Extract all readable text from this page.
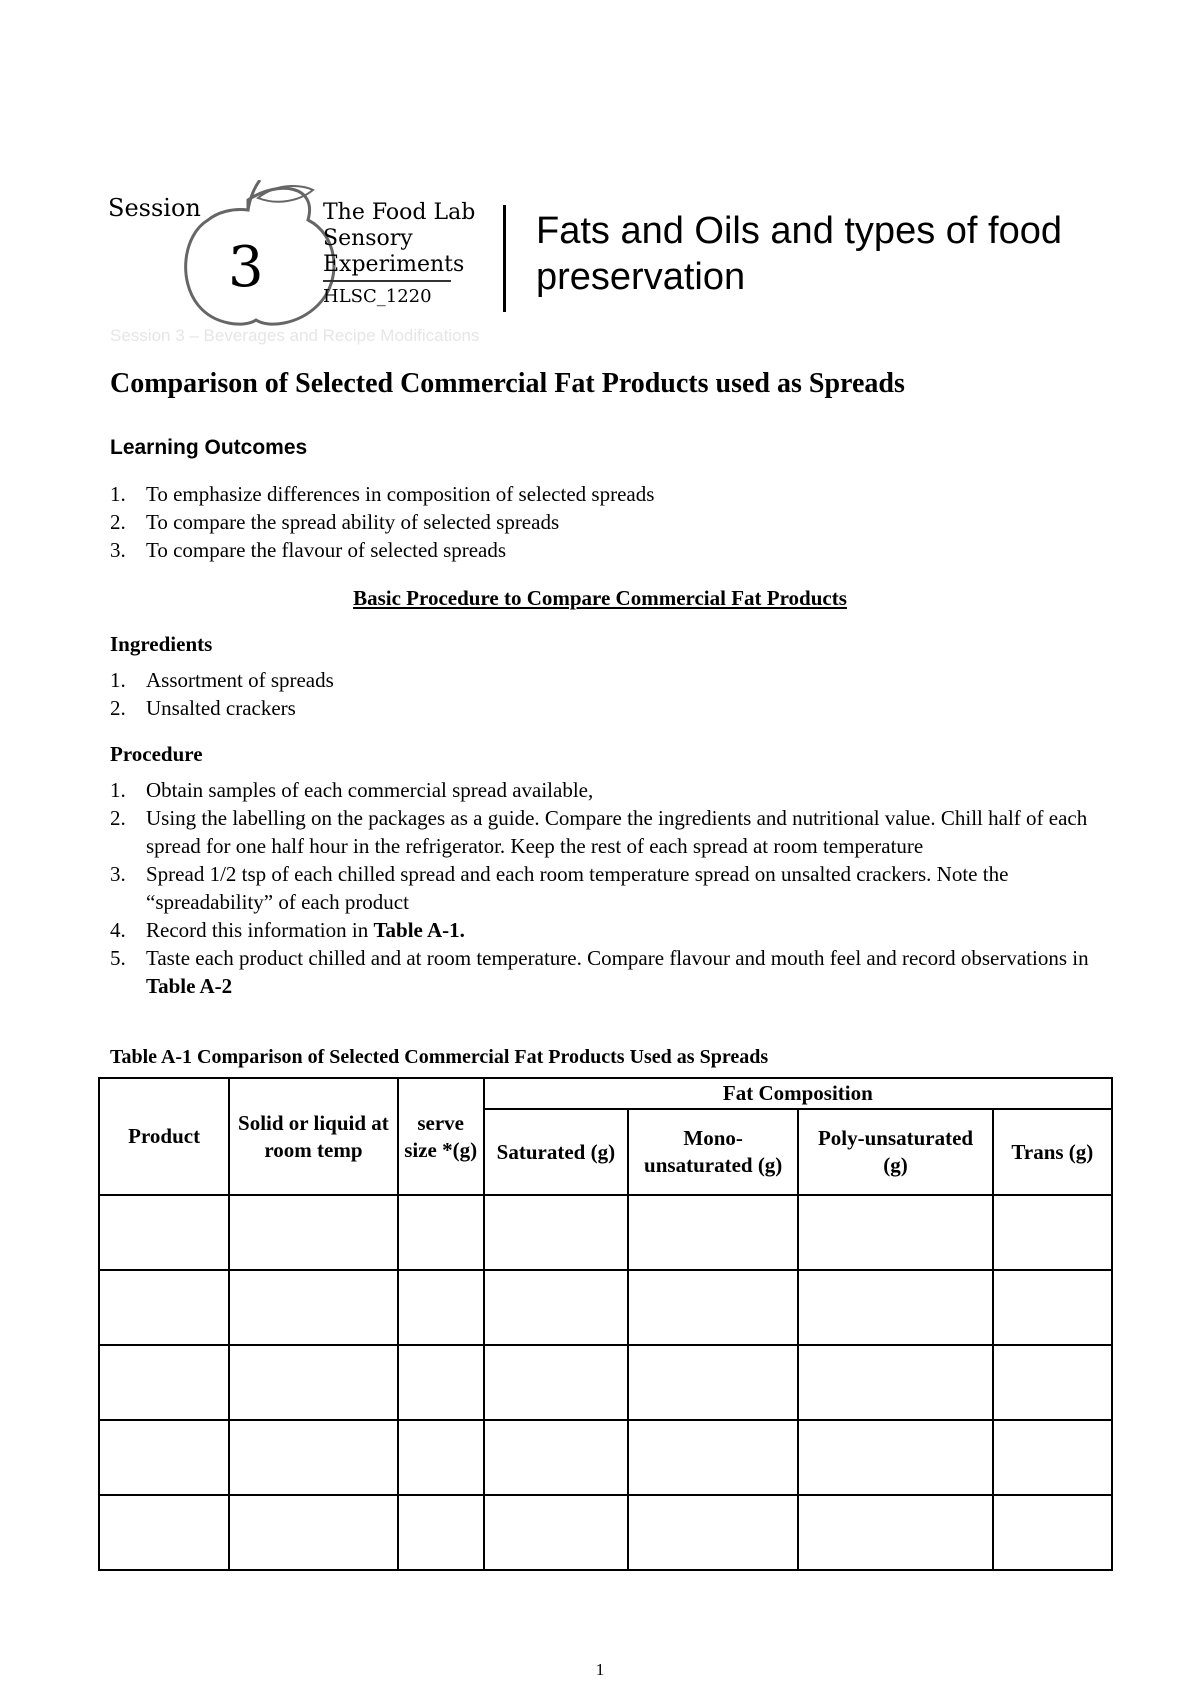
Session
3
The Food Lab
Sensory
Experiments
HLSC_1220
Fats and Oils and types of food preservation
Session 3 – Beverages and Recipe Modifications
Comparison of Selected Commercial Fat Products used as Spreads
Learning Outcomes
1. To emphasize differences in composition of selected spreads
2. To compare the spread ability of selected spreads
3. To compare the flavour of selected spreads
Basic Procedure to Compare Commercial Fat Products
Ingredients
1. Assortment of spreads
2. Unsalted crackers
Procedure
1. Obtain samples of each commercial spread available,
2. Using the labelling on the packages as a guide. Compare the ingredients and nutritional value. Chill half of each spread for one half hour in the refrigerator. Keep the rest of each spread at room temperature
3. Spread 1/2 tsp of each chilled spread and each room temperature spread on unsalted crackers. Note the “spreadability” of each product
4. Record this information in Table A-1.
5. Taste each product chilled and at room temperature. Compare flavour and mouth feel and record observations in Table A-2
Table A-1 Comparison of Selected Commercial Fat Products Used as Spreads
Product	Solid or liquid at room temp	serve size *(g)	Fat Composition			
			Saturated (g)	Mono-unsaturated (g)	Poly-unsaturated (g)	Trans (g)

1
